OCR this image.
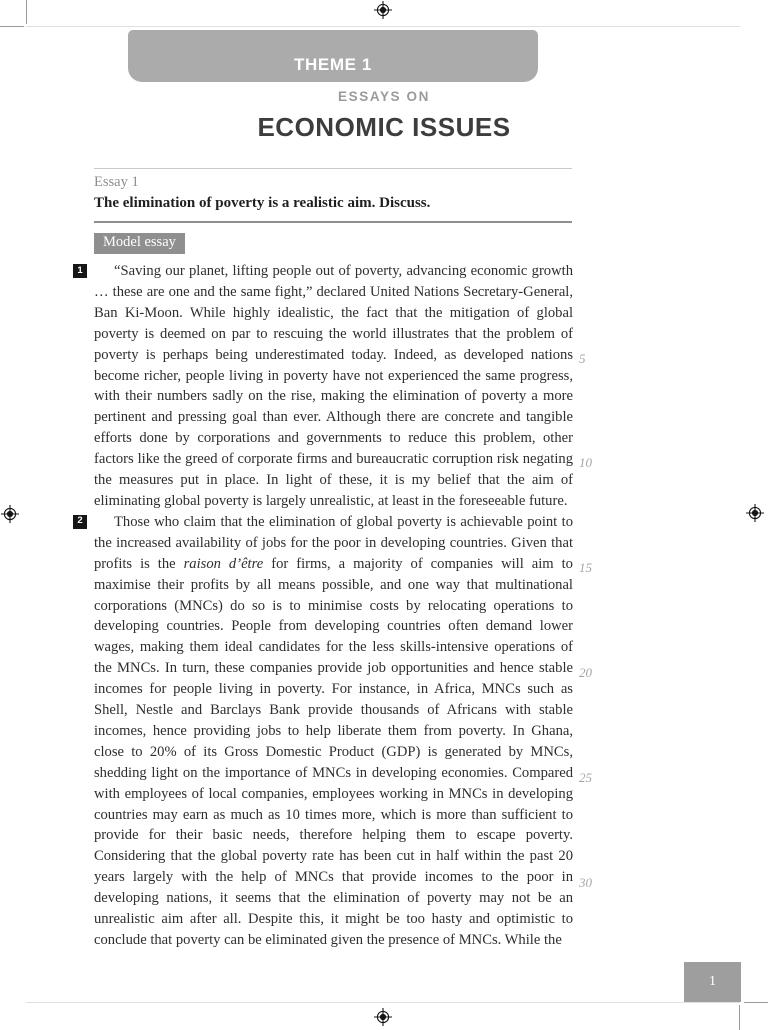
THEME 1
ESSAYS ON
ECONOMIC ISSUES

Essay 1

The elimination of poverty is a realistic aim. Discuss.

Model essay

1 “Saving our planet, lifting people out of poverty, advancing economic growth … these are one and the same fight,” declared United Nations Secretary-General, Ban Ki-Moon. While highly idealistic, the fact that the mitigation of global poverty is deemed on par to rescuing the world illustrates that the problem of poverty is perhaps being underestimated today. Indeed, as developed nations become richer, people living in poverty have not experienced the same progress, with their numbers sadly on the rise, making the elimination of poverty a more pertinent and pressing goal than ever. Although there are concrete and tangible efforts done by corporations and governments to reduce this problem, other factors like the greed of corporate firms and bureaucratic corruption risk negating the measures put in place. In light of these, it is my belief that the aim of eliminating global poverty is largely unrealistic, at least in the foreseeable future.

2 Those who claim that the elimination of global poverty is achievable point to the increased availability of jobs for the poor in developing countries. Given that profits is the raison d’être for firms, a majority of companies will aim to maximise their profits by all means possible, and one way that multinational corporations (MNCs) do so is to minimise costs by relocating operations to developing countries. People from developing countries often demand lower wages, making them ideal candidates for the less skills-intensive operations of the MNCs. In turn, these companies provide job opportunities and hence stable incomes for people living in poverty. For instance, in Africa, MNCs such as Shell, Nestle and Barclays Bank provide thousands of Africans with stable incomes, hence providing jobs to help liberate them from poverty. In Ghana, close to 20% of its Gross Domestic Product (GDP) is generated by MNCs, shedding light on the importance of MNCs in developing economies. Compared with employees of local companies, employees working in MNCs in developing countries may earn as much as 10 times more, which is more than sufficient to provide for their basic needs, therefore helping them to escape poverty. Considering that the global poverty rate has been cut in half within the past 20 years largely with the help of MNCs that provide incomes to the poor in developing nations, it seems that the elimination of poverty may not be an unrealistic aim after all. Despite this, it might be too hasty and optimistic to conclude that poverty can be eliminated given the presence of MNCs. While the

5
10
15
20
25
30
1
